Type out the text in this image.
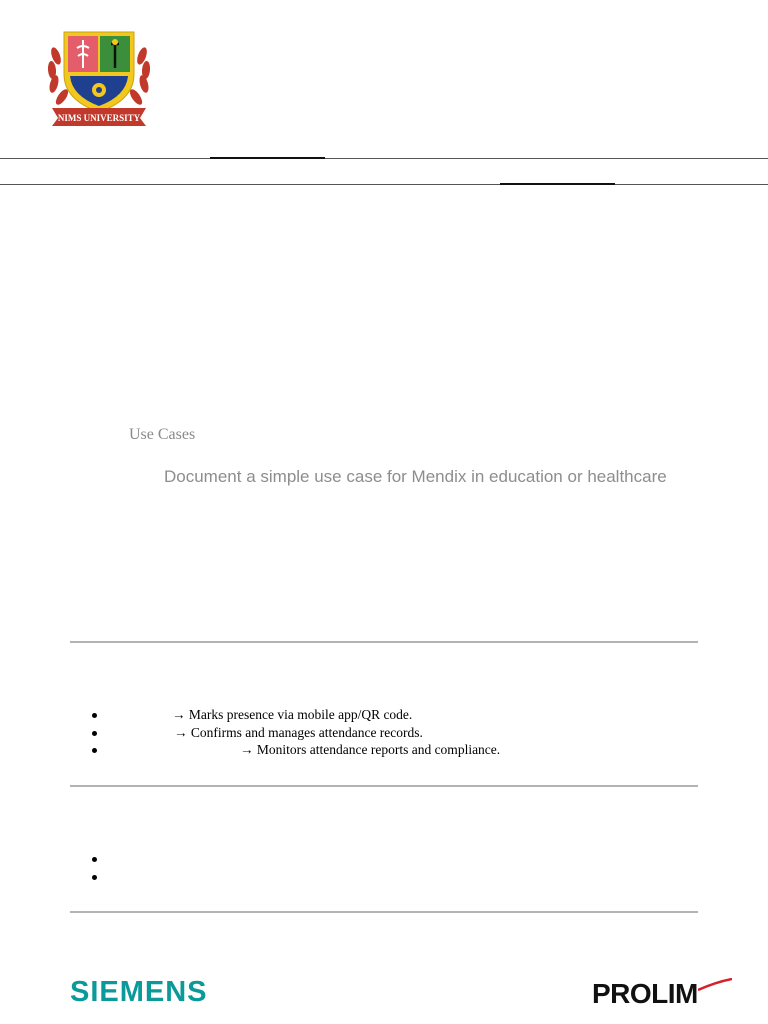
NIMS UNIVERSITY
Use Cases
Document a simple use case for Mendix in education or healthcare
→ Marks presence via mobile app/QR code.
→ Confirms and manages attendance records.
→ Monitors attendance reports and compliance.
SIEMENS	PROLIM
